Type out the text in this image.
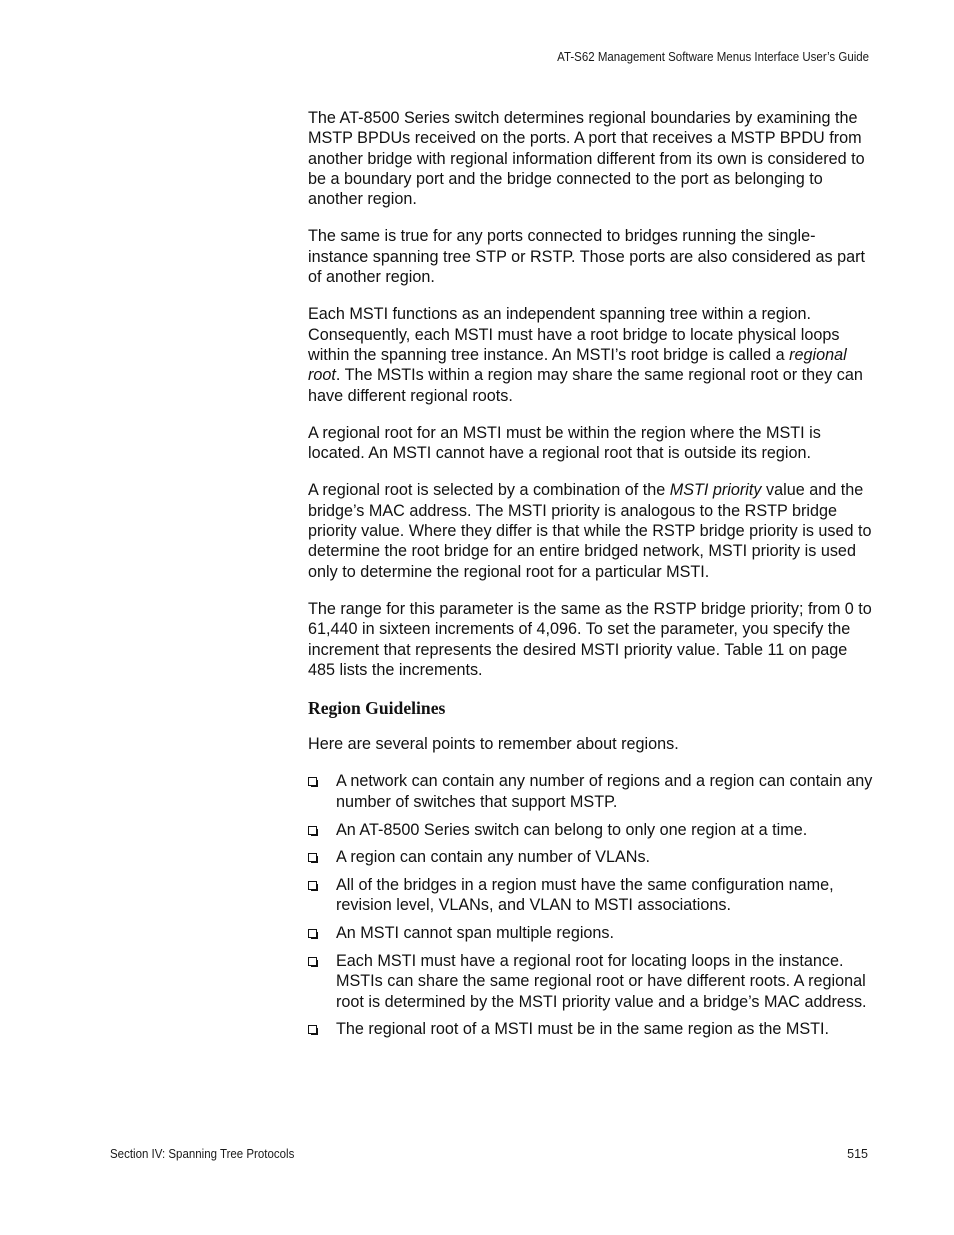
AT-S62 Management Software Menus Interface User’s Guide

The AT-8500 Series switch determines regional boundaries by examining the MSTP BPDUs received on the ports. A port that receives a MSTP BPDU from another bridge with regional information different from its own is considered to be a boundary port and the bridge connected to the port as belonging to another region.

The same is true for any ports connected to bridges running the single-instance spanning tree STP or RSTP. Those ports are also considered as part of another region.

Each MSTI functions as an independent spanning tree within a region. Consequently, each MSTI must have a root bridge to locate physical loops within the spanning tree instance. An MSTI’s root bridge is called a regional root. The MSTIs within a region may share the same regional root or they can have different regional roots.

A regional root for an MSTI must be within the region where the MSTI is located. An MSTI cannot have a regional root that is outside its region.

A regional root is selected by a combination of the MSTI priority value and the bridge’s MAC address. The MSTI priority is analogous to the RSTP bridge priority value. Where they differ is that while the RSTP bridge priority is used to determine the root bridge for an entire bridged network, MSTI priority is used only to determine the regional root for a particular MSTI.

The range for this parameter is the same as the RSTP bridge priority; from 0 to 61,440 in sixteen increments of 4,096. To set the parameter, you specify the increment that represents the desired MSTI priority value. Table 11 on page 485 lists the increments.

Region Guidelines

Here are several points to remember about regions.

A network can contain any number of regions and a region can contain any number of switches that support MSTP.
An AT-8500 Series switch can belong to only one region at a time.
A region can contain any number of VLANs.
All of the bridges in a region must have the same configuration name, revision level, VLANs, and VLAN to MSTI associations.
An MSTI cannot span multiple regions.
Each MSTI must have a regional root for locating loops in the instance. MSTIs can share the same regional root or have different roots. A regional root is determined by the MSTI priority value and a bridge’s MAC address.
The regional root of a MSTI must be in the same region as the MSTI.
Section IV: Spanning Tree Protocols	515
